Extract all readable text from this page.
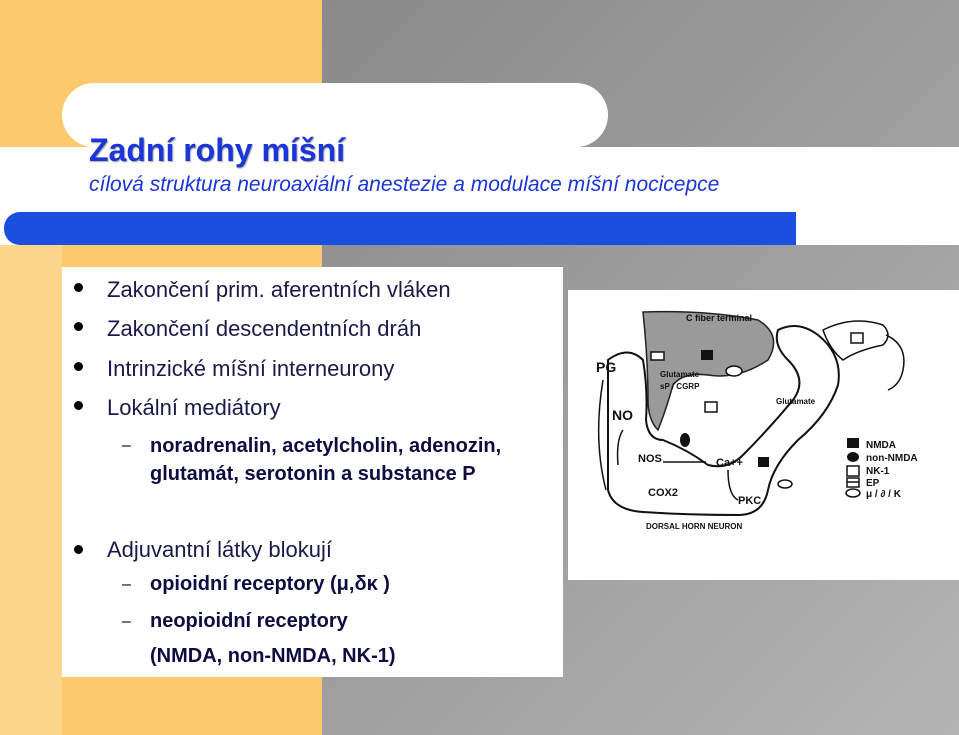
Zadní rohy míšní

cílová struktura neuroaxiální anestezie a modulace míšní nocicepce

Zakončení prim. aferentních vláken
Zakončení descendentních dráh
Intrinzické míšní interneurony
Lokální mediátory
– noradrenalin, acetylcholin, adenozin,
glutamát, serotonin a substance P
Adjuvantní látky blokují
– opioidní receptory (μ,δκ )
– neopioidní receptory
(NMDA, non-NMDA, NK-1)
C fiber terminal
Glutamate
sP / CGRP
Glutamate
PG
NO
NOS	Ca++
COX2
PKC
DORSAL HORN NEURON
NMDA
non-NMDA
NK-1
EP
μ / ∂ / K
